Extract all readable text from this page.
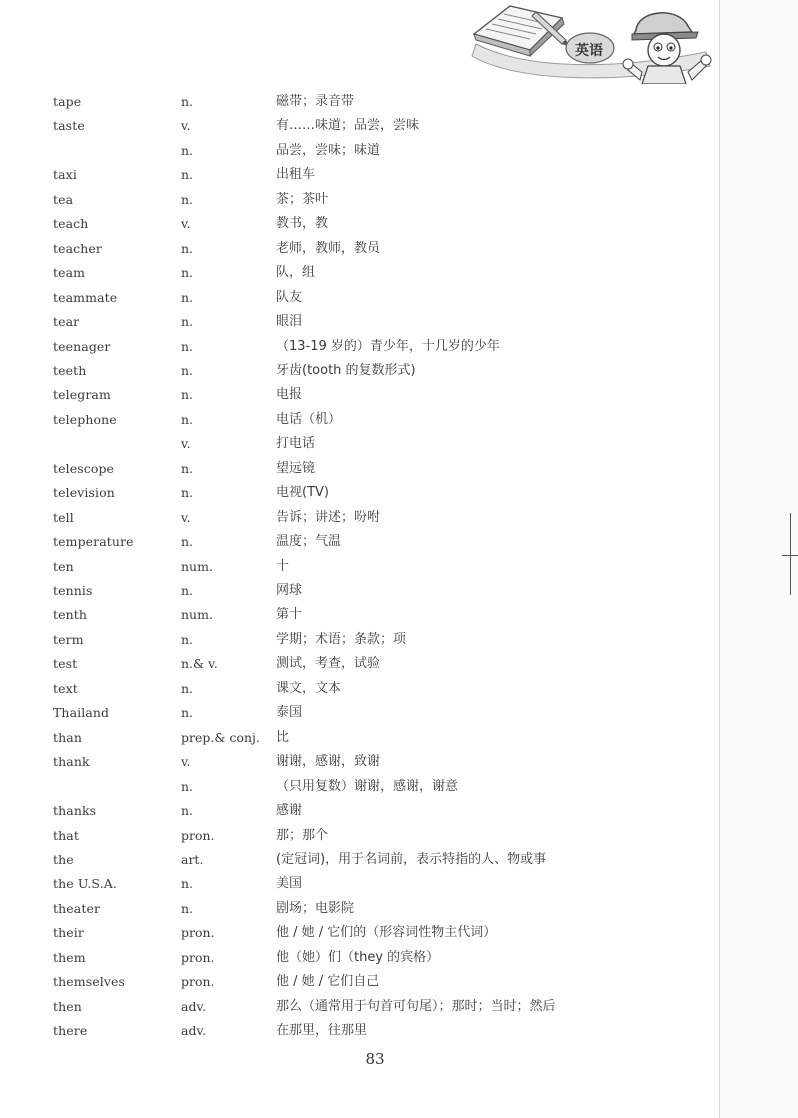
英语
tape	n.	磁带；录音带
taste	v.	有……味道；品尝，尝味
n.	品尝，尝味；味道
taxi	n.	出租车
tea	n.	茶；茶叶
teach	v.	教书，教
teacher	n.	老师，教师，教员
team	n.	队，组
teammate	n.	队友
tear	n.	眼泪
teenager	n.	（13-19 岁的）青少年，十几岁的少年
teeth	n.	牙齿(tooth 的复数形式)
telegram	n.	电报
telephone	n.	电话（机）
v.	打电话
telescope	n.	望远镜
television	n.	电视(TV)
tell	v.	告诉；讲述；吩咐
temperature	n.	温度；气温
ten	num.	十
tennis	n.	网球
tenth	num.	第十
term	n.	学期；术语；条款；项
test	n.& v.	测试，考查，试验
text	n.	课文，文本
Thailand	n.	泰国
than	prep.& conj. 比
thank	v.	谢谢，感谢，致谢
n.	（只用复数）谢谢，感谢，谢意
thanks	n.	感谢
that	pron.	那；那个
the	art.	(定冠词)，用于名词前，表示特指的人、物或事
the U.S.A.	n.	美国
theater	n.	剧场；电影院
their	pron.	他 / 她 / 它们的（形容词性物主代词）
them	pron.	他（她）们（they 的宾格）
themselves	pron.	他 / 她 / 它们自己
then	adv.	那么（通常用于句首可句尾）；那时；当时；然后
there	adv.	在那里，往那里
83
